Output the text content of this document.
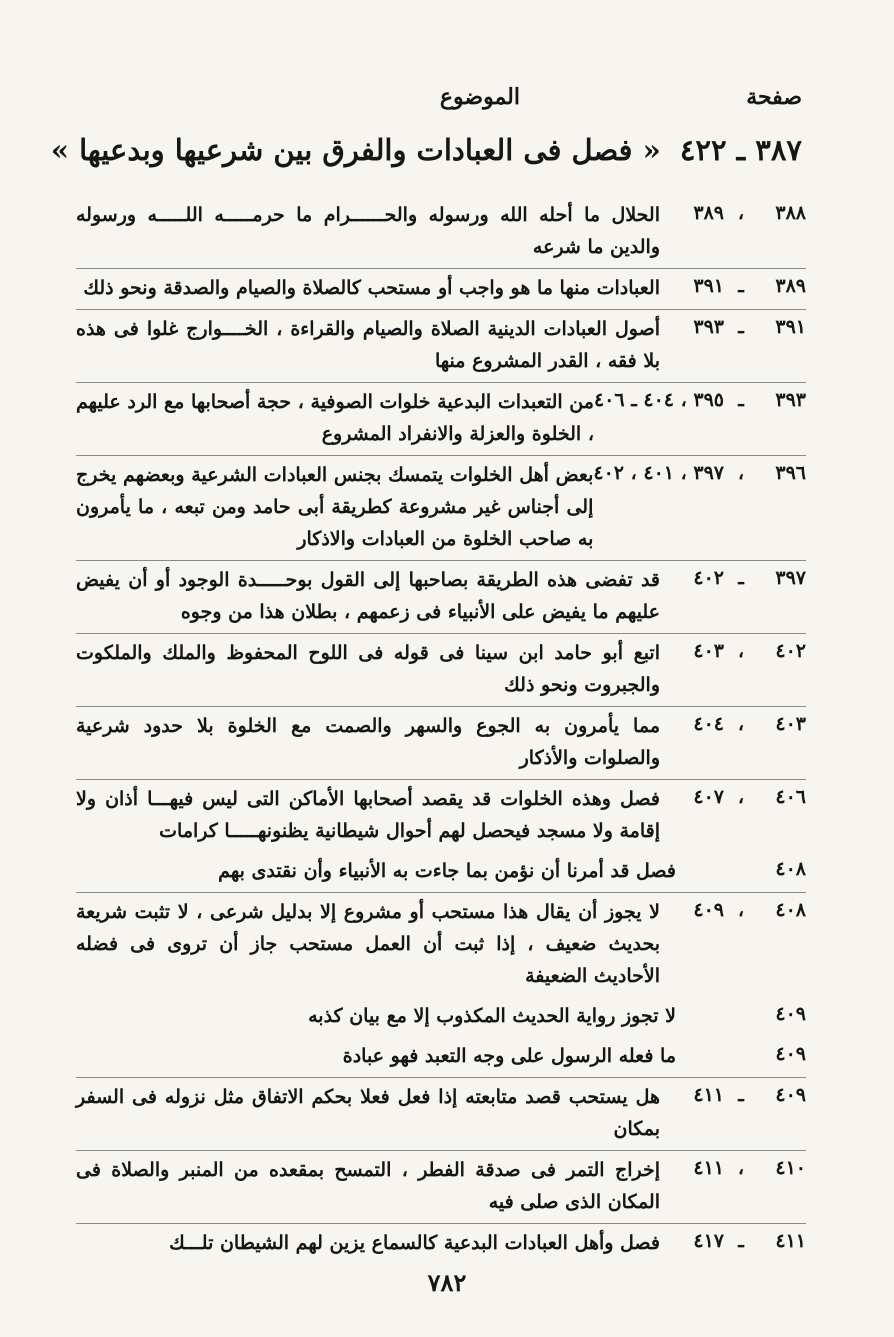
صفحة
الموضوع
٣٨٧ ـ ٤٢٢ « فصل فى العبادات والفرق بين شرعيها وبدعيها »
٣٨٨
،
٣٨٩
الحلال ما أحله الله ورسوله والحــــــرام ما حرمـــــه اللـــــه ورسوله والدين ما شرعه
٣٨٩
ـ
٣٩١
العبادات منها ما هو واجب أو مستحب كالصلاة والصيام والصدقة ونحو ذلك
٣٩١
ـ
٣٩٣
أصول العبادات الدينية الصلاة والصيام والقراءة ، الخــــوارج غلوا فى هذه بلا فقه ، القدر المشروع منها
٣٩٣
ـ
٣٩٥ ، ٤٠٤ ـ ٤٠٦
من التعبدات البدعية خلوات الصوفية ، حجة أصحابها مع الرد عليهم ، الخلوة والعزلة والانفراد المشروع
٣٩٦
،
٣٩٧ ، ٤٠١ ، ٤٠٢
بعض أهل الخلوات يتمسك بجنس العبادات الشرعية وبعضهم يخرج إلى أجناس غير مشروعة كطريقة أبى حامد ومن تبعه ، ما يأمرون به صاحب الخلوة من العبادات والاذكار
٣٩٧
ـ
٤٠٢
قد تفضى هذه الطريقة بصاحبها إلى القول بوحـــــدة الوجود أو أن يفيض عليهم ما يفيض على الأنبياء فى زعمهم ، بطلان هذا من وجوه
٤٠٢
،
٤٠٣
اتبع أبو حامد ابن سينا فى قوله فى اللوح المحفوظ والملك والملكوت والجبروت ونحو ذلك
٤٠٣
،
٤٠٤
مما يأمرون به الجوع والسهر والصمت مع الخلوة بلا حدود شرعية والصلوات والأذكار
٤٠٦
،
٤٠٧
فصل وهذه الخلوات قد يقصد أصحابها الأماكن التى ليس فيهـــا أذان ولا إقامة ولا مسجد فيحصل لهم أحوال شيطانية يظنونهـــــا كرامات
٤٠٨
فصل قد أمرنا أن نؤمن بما جاءت به الأنبياء وأن نقتدى بهم
٤٠٨
،
٤٠٩
لا يجوز أن يقال هذا مستحب أو مشروع إلا بدليل شرعى ، لا تثبت شريعة بحديث ضعيف ، إذا ثبت أن العمل مستحب جاز أن تروى فى فضله الأحاديث الضعيفة
٤٠٩
لا تجوز رواية الحديث المكذوب إلا مع بيان كذبه
٤٠٩
ما فعله الرسول على وجه التعبد فهو عبادة
٤٠٩
ـ
٤١١
هل يستحب قصد متابعته إذا فعل فعلا بحكم الاتفاق مثل نزوله فى السفر بمكان
٤١٠
،
٤١١
إخراج التمر فى صدقة الفطر ، التمسح بمقعده من المنبر والصلاة فى المكان الذى صلى فيه
٤١١
ـ
٤١٧
فصل وأهل العبادات البدعية كالسماع يزين لهم الشيطان تلـــك
٧٨٢
